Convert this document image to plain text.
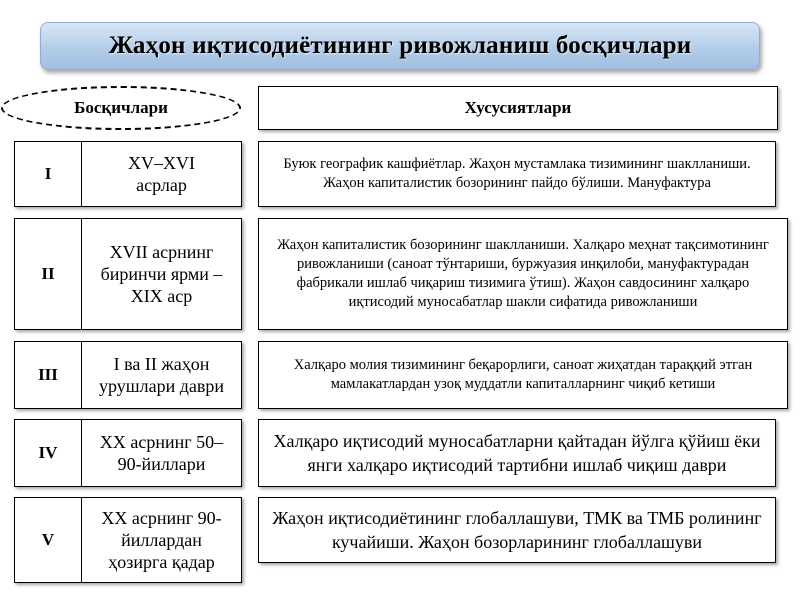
Жаҳон иқтисодиётининг ривожланиш босқичлари
Босқичлари	Хусусиятлари
I
XV–XVI
асрлар
Буюк географик кашфиётлар. Жаҳон мустамлака тизимининг шаклланиши. Жаҳон капиталистик бозорининг пайдо бўлиши. Мануфактура
II
XVII асрнинг
биринчи ярми –
XIX аср
Жаҳон капиталистик бозорининг шаклланиши. Халқаро меҳнат тақсимотининг ривожланиши (саноат тўнтариши, буржуазия инқилоби, мануфактурадан фабрикали ишлаб чиқариш тизимига ўтиш). Жаҳон савдосининг халқаро иқтисодий муносабатлар шакли сифатида ривожланиши
III
I ва II жаҳон
урушлари даври
Халқаро молия тизимининг беқарорлиги, саноат жиҳатдан тараққий этган мамлакатлардан узоқ муддатли капиталларнинг чиқиб кетиши
IV
XX асрнинг 50–
90-йиллари
Халқаро иқтисодий муносабатларни қайтадан йўлга қўйиш ёки янги халқаро иқтисодий тартибни ишлаб чиқиш даври
V
XX асрнинг 90-
йиллардан
ҳозирга қадар
Жаҳон иқтисодиётининг глобаллашуви, ТМК ва ТМБ ролининг кучайиши. Жаҳон бозорларининг глобаллашуви
